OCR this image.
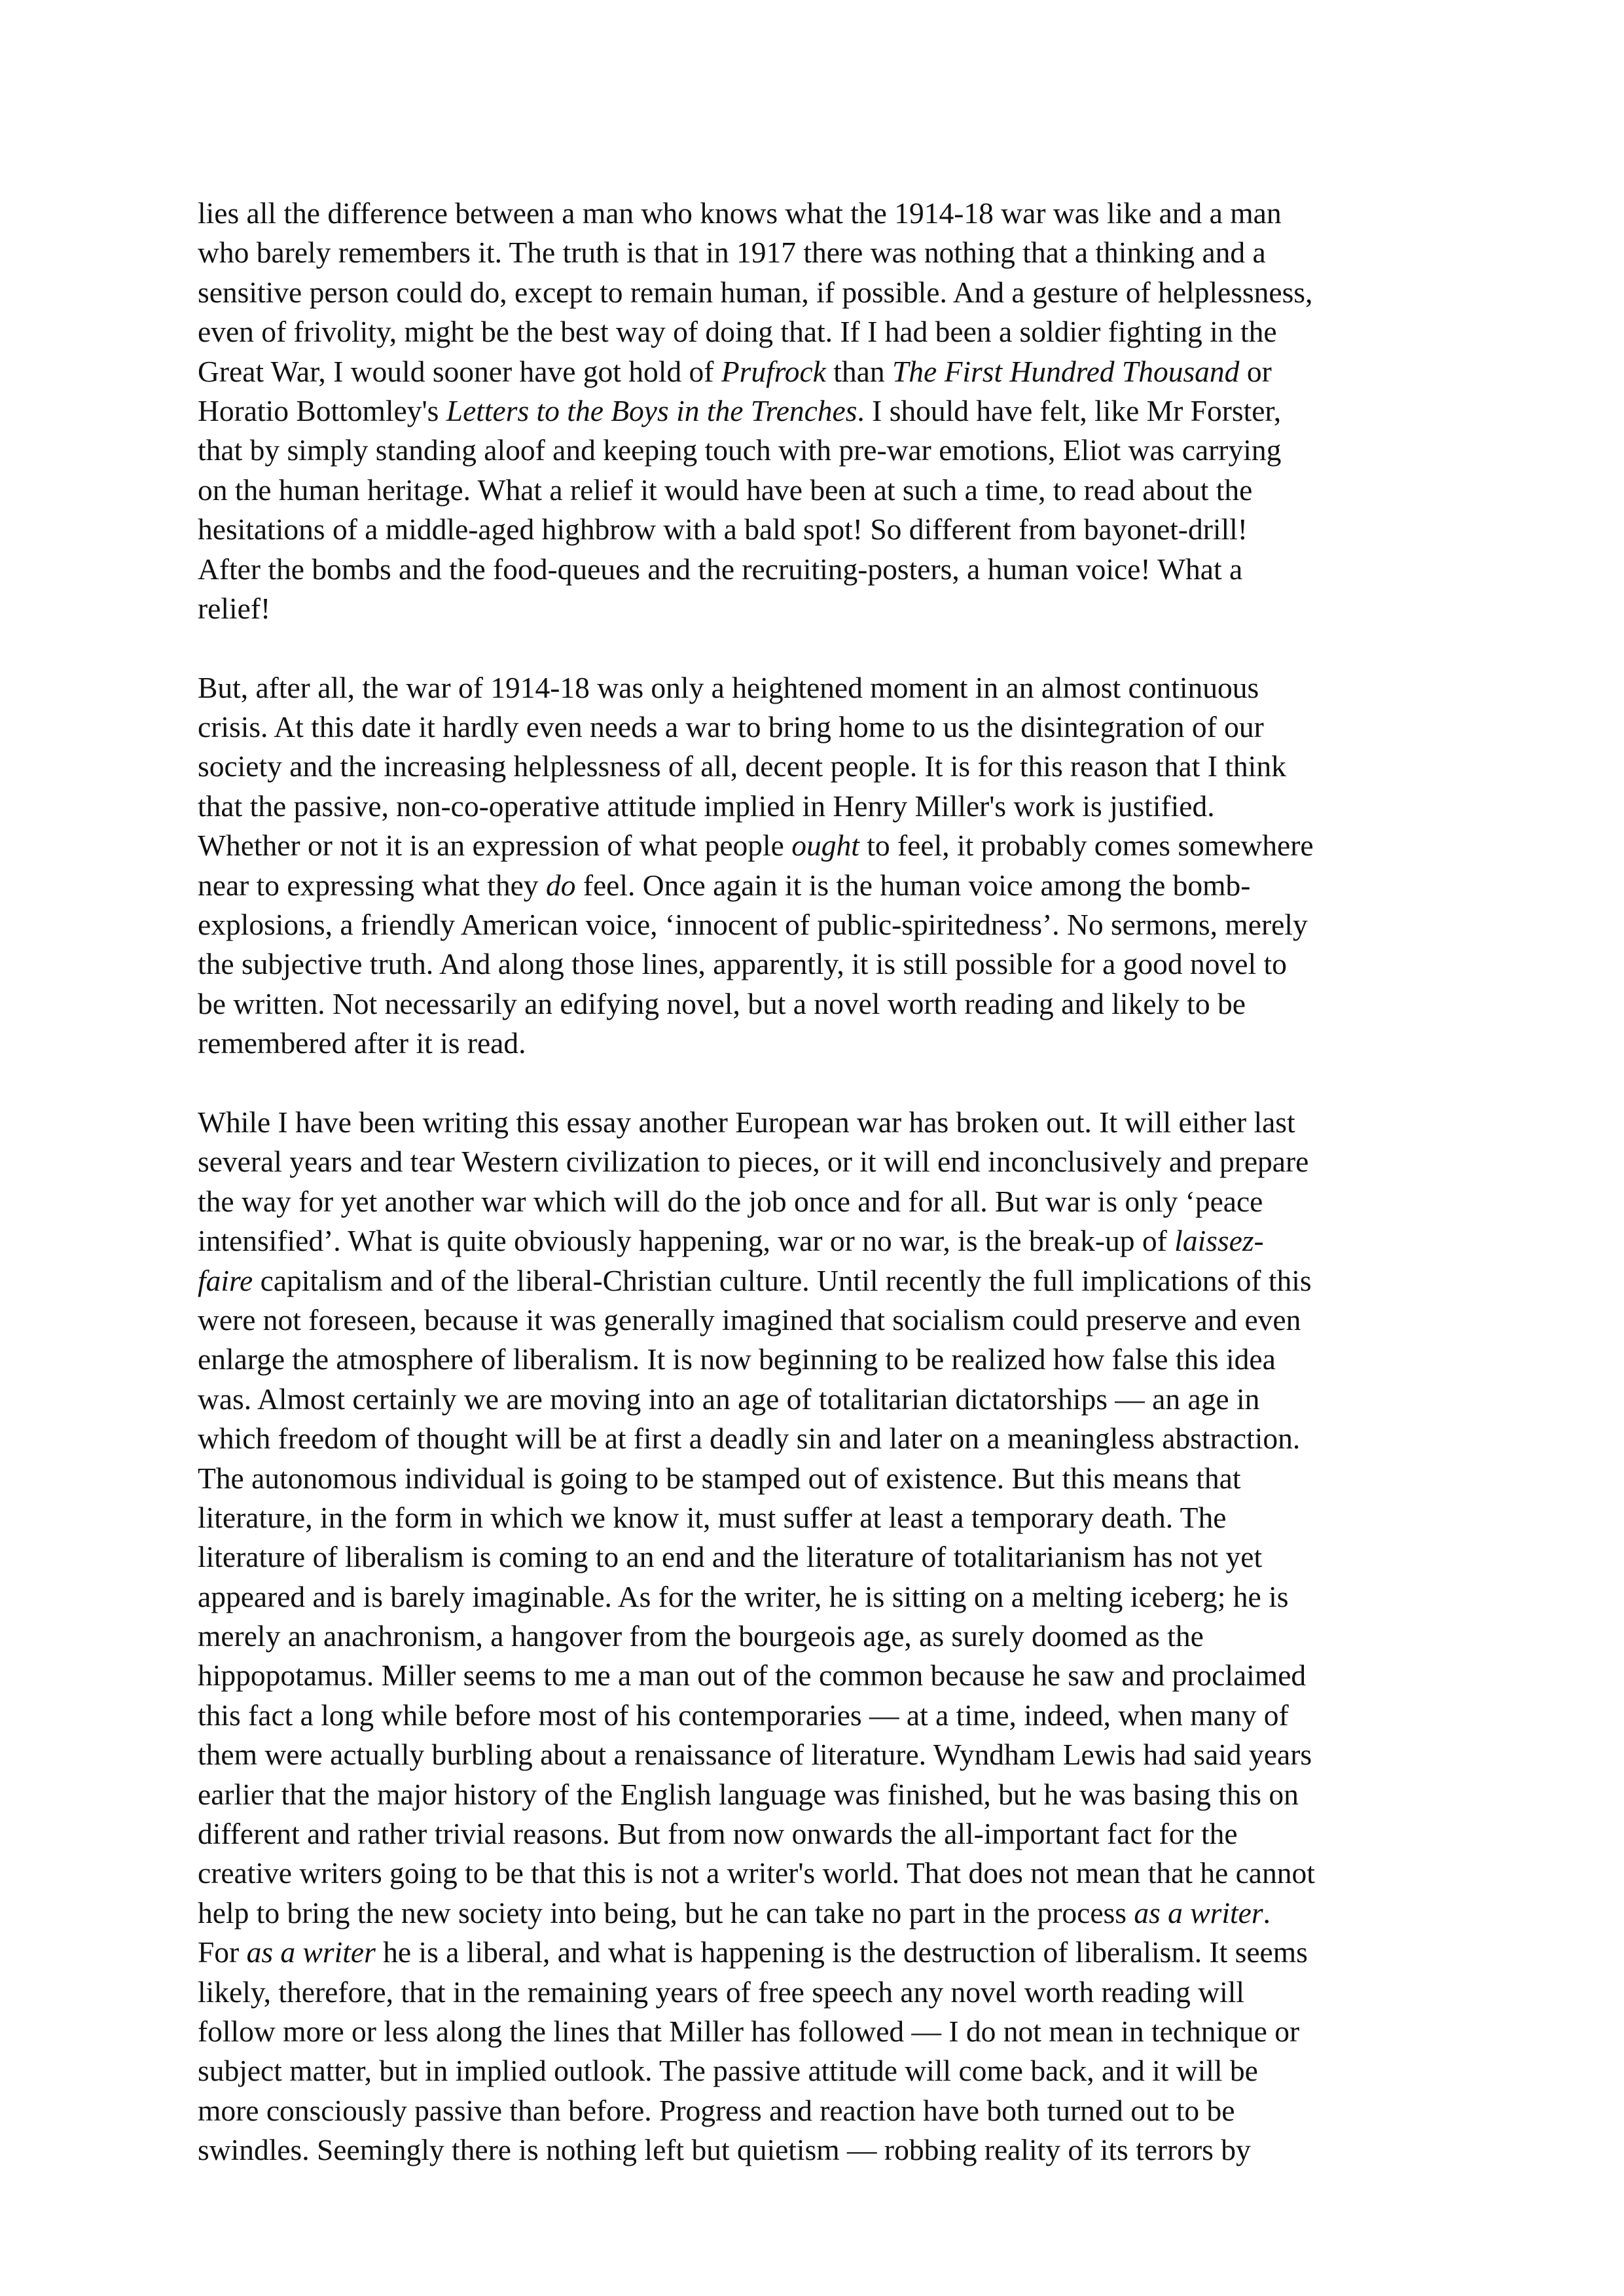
lies all the difference between a man who knows what the 1914-18 war was like and a man
who barely remembers it. The truth is that in 1917 there was nothing that a thinking and a
sensitive person could do, except to remain human, if possible. And a gesture of helplessness,
even of frivolity, might be the best way of doing that. If I had been a soldier fighting in the
Great War, I would sooner have got hold of Prufrock than The First Hundred Thousand or
Horatio Bottomley's Letters to the Boys in the Trenches. I should have felt, like Mr Forster,
that by simply standing aloof and keeping touch with pre-war emotions, Eliot was carrying
on the human heritage. What a relief it would have been at such a time, to read about the
hesitations of a middle-aged highbrow with a bald spot! So different from bayonet-drill!
After the bombs and the food-queues and the recruiting-posters, a human voice! What a
relief!
But, after all, the war of 1914-18 was only a heightened moment in an almost continuous
crisis. At this date it hardly even needs a war to bring home to us the disintegration of our
society and the increasing helplessness of all, decent people. It is for this reason that I think
that the passive, non-co-operative attitude implied in Henry Miller's work is justified.
Whether or not it is an expression of what people ought to feel, it probably comes somewhere
near to expressing what they do feel. Once again it is the human voice among the bomb-
explosions, a friendly American voice, ‘innocent of public-spiritedness’. No sermons, merely
the subjective truth. And along those lines, apparently, it is still possible for a good novel to
be written. Not necessarily an edifying novel, but a novel worth reading and likely to be
remembered after it is read.
While I have been writing this essay another European war has broken out. It will either last
several years and tear Western civilization to pieces, or it will end inconclusively and prepare
the way for yet another war which will do the job once and for all. But war is only ‘peace
intensified’. What is quite obviously happening, war or no war, is the break-up of laissez-
faire capitalism and of the liberal-Christian culture. Until recently the full implications of this
were not foreseen, because it was generally imagined that socialism could preserve and even
enlarge the atmosphere of liberalism. It is now beginning to be realized how false this idea
was. Almost certainly we are moving into an age of totalitarian dictatorships — an age in
which freedom of thought will be at first a deadly sin and later on a meaningless abstraction.
The autonomous individual is going to be stamped out of existence. But this means that
literature, in the form in which we know it, must suffer at least a temporary death. The
literature of liberalism is coming to an end and the literature of totalitarianism has not yet
appeared and is barely imaginable. As for the writer, he is sitting on a melting iceberg; he is
merely an anachronism, a hangover from the bourgeois age, as surely doomed as the
hippopotamus. Miller seems to me a man out of the common because he saw and proclaimed
this fact a long while before most of his contemporaries — at a time, indeed, when many of
them were actually burbling about a renaissance of literature. Wyndham Lewis had said years
earlier that the major history of the English language was finished, but he was basing this on
different and rather trivial reasons. But from now onwards the all-important fact for the
creative writers going to be that this is not a writer's world. That does not mean that he cannot
help to bring the new society into being, but he can take no part in the process as a writer.
For as a writer he is a liberal, and what is happening is the destruction of liberalism. It seems
likely, therefore, that in the remaining years of free speech any novel worth reading will
follow more or less along the lines that Miller has followed — I do not mean in technique or
subject matter, but in implied outlook. The passive attitude will come back, and it will be
more consciously passive than before. Progress and reaction have both turned out to be
swindles. Seemingly there is nothing left but quietism — robbing reality of its terrors by
